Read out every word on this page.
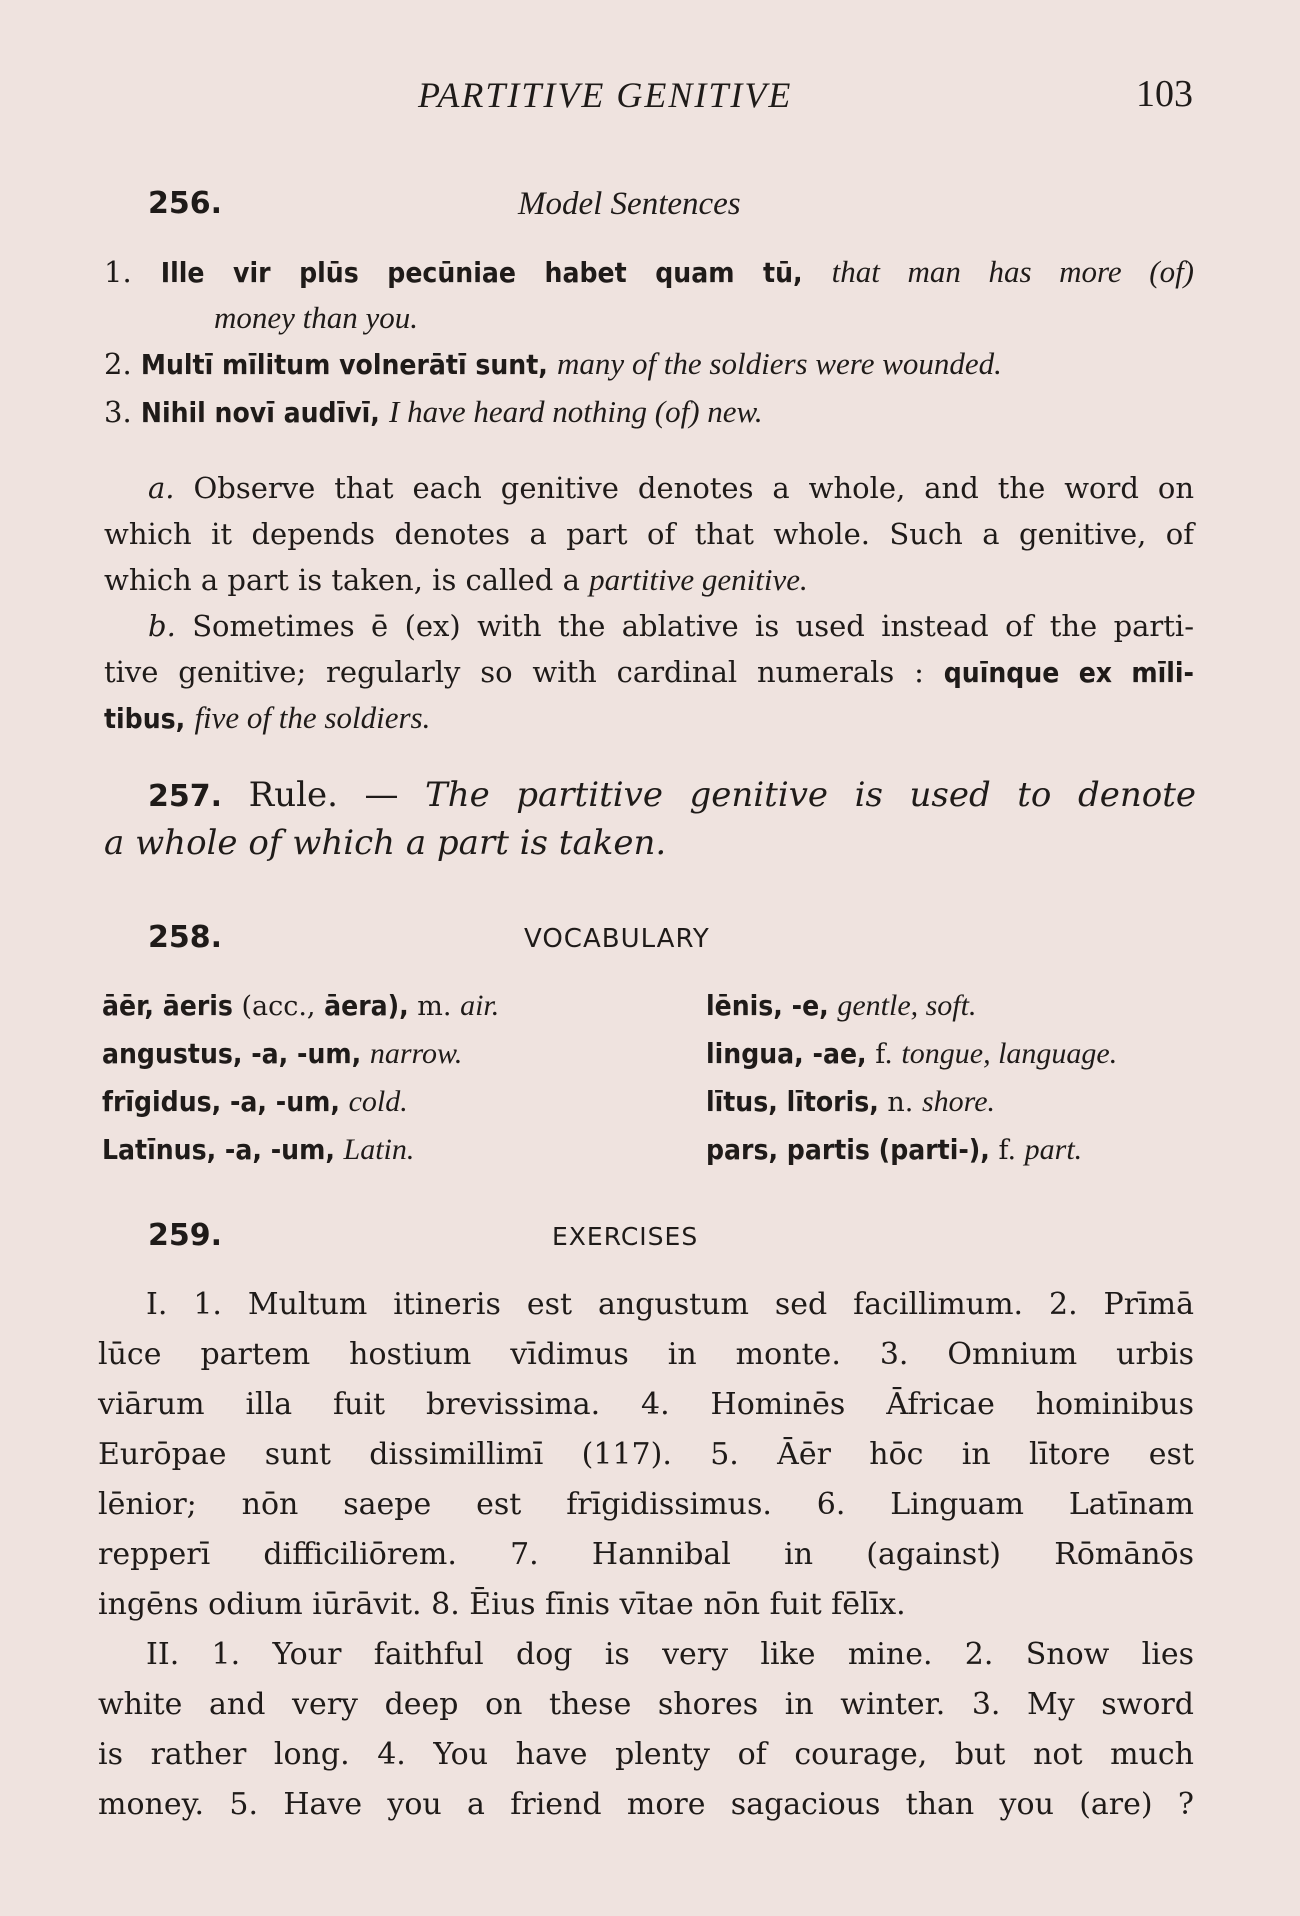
PARTITIVE GENITIVE	103
256.	Model Sentences
1. Ille vir plūs pecūniae habet quam tū, that man has more (of)
money than you.
2. Multī mīlitum volnerātī sunt, many of the soldiers were wounded.
3. Nihil novī audīvī, I have heard nothing (of) new.
a. Observe that each genitive denotes a whole, and the word on
which it depends denotes a part of that whole. Such a genitive, of
which a part is taken, is called a partitive genitive.
b. Sometimes ē (ex) with the ablative is used instead of the parti-
tive genitive; regularly so with cardinal numerals : quīnque ex mīli-
tibus, five of the soldiers.
257. Rule. — The partitive genitive is used to denote
a whole of which a part is taken.
258.	VOCABULARY
āēr, āeris (acc., āera), m. air.
angustus, -a, -um, narrow.
frīgidus, -a, -um, cold.
Latīnus, -a, -um, Latin.
lēnis, -e, gentle, soft.
lingua, -ae, f. tongue, language.
lītus, lītoris, n. shore.
pars, partis (parti-), f. part.
259.	EXERCISES
I. 1. Multum itineris est angustum sed facillimum. 2. Prīmā
lūce partem hostium vīdimus in monte. 3. Omnium urbis
viārum illa fuit brevissima. 4. Hominēs Āfricae hominibus
Eurōpae sunt dissimillimī (117). 5. Āēr hōc in lītore est
lēnior; nōn saepe est frīgidissimus. 6. Linguam Latīnam
repperī difficiliōrem. 7. Hannibal in (against) Rōmānōs
ingēns odium iūrāvit. 8. Ēius fīnis vītae nōn fuit fēlīx.
II. 1. Your faithful dog is very like mine. 2. Snow lies
white and very deep on these shores in winter. 3. My sword
is rather long. 4. You have plenty of courage, but not much
money. 5. Have you a friend more sagacious than you (are) ?
